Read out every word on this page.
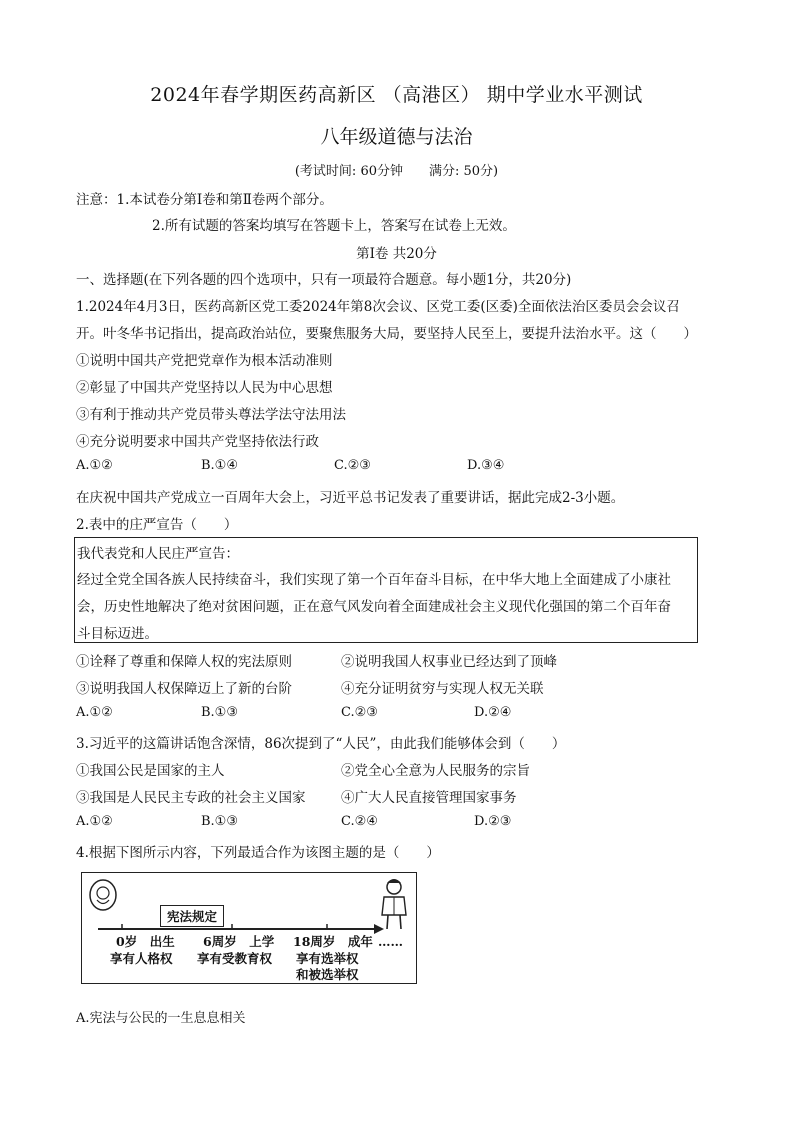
2024年春学期医药高新区 （高港区） 期中学业水平测试
八年级道德与法治
(考试时间: 60分钟　　满分: 50分)
注意：1.本试卷分第Ⅰ卷和第Ⅱ卷两个部分。
2.所有试题的答案均填写在答题卡上，答案写在试卷上无效。
第Ⅰ卷 共20分
一、选择题(在下列各题的四个选项中，只有一项最符合题意。每小题1分，共20分)
1.2024年4月3日，医药高新区党工委2024年第8次会议、区党工委(区委)全面依法治区委员会会议召
开。叶冬华书记指出，提高政治站位，要聚焦服务大局，要坚持人民至上，要提升法治水平。这（　　）
①说明中国共产党把党章作为根本活动准则
②彰显了中国共产党坚持以人民为中心思想
③有利于推动共产党员带头尊法学法守法用法
④充分说明要求中国共产党坚持依法行政
A.①②	B.①④	C.②③	D.③④
在庆祝中国共产党成立一百周年大会上，习近平总书记发表了重要讲话，据此完成2-3小题。
2.表中的庄严宣告（　　）
我代表党和人民庄严宣告：
经过全党全国各族人民持续奋斗，我们实现了第一个百年奋斗目标，在中华大地上全面建成了小康社
会，历史性地解决了绝对贫困问题，正在意气风发向着全面建成社会主义现代化强国的第二个百年奋
斗目标迈进。
①诠释了尊重和保障人权的宪法原则	②说明我国人权事业已经达到了顶峰
③说明我国人权保障迈上了新的台阶	④充分证明贫穷与实现人权无关联
A.①②	B.①③	C.②③	D.②④
3.习近平的这篇讲话饱含深情，86次提到了“人民”，由此我们能够体会到（　　）
①我国公民是国家的主人	②党全心全意为人民服务的宗旨
③我国是人民民主专政的社会主义国家	④广大人民直接管理国家事务
A.①②	B.①③	C.②④	D.②③
4.根据下图所示内容，下列最适合作为该图主题的是（　　）
宪法规定
0岁　出生
享有人格权
6周岁　上学
享有受教育权
18周岁　成年
享有选举权
和被选举权
……
A.宪法与公民的一生息息相关
